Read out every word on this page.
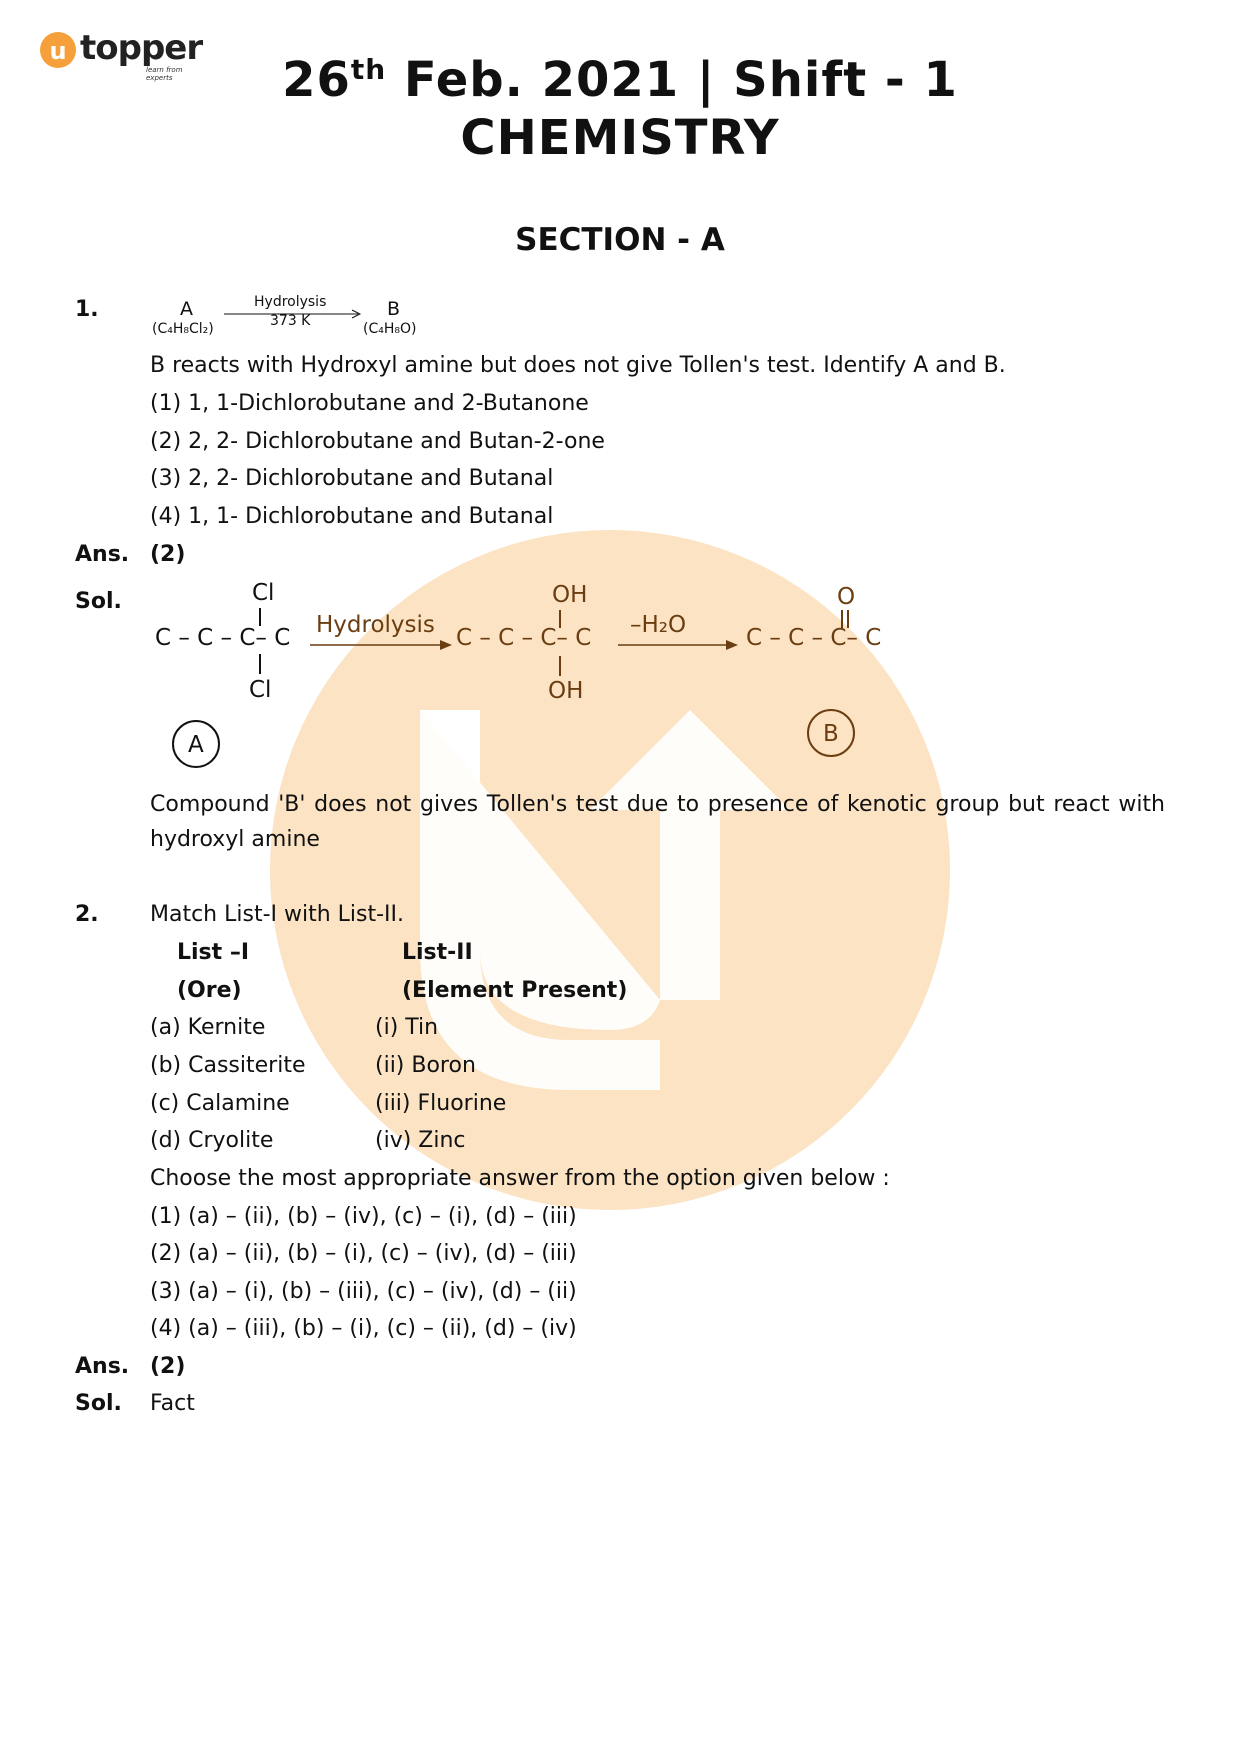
u topper
learn from experts	26th Feb. 2021 | Shift - 1
CHEMISTRY
SECTION - A
1.	A
(C₄H₈Cl₂)
Hydrolysis
373 K
B
(C₄H₈O)
B reacts with Hydroxyl amine but does not give Tollen's test. Identify A and B.
(1) 1, 1-Dichlorobutane and 2-Butanone
(2) 2, 2- Dichlorobutane and Butan-2-one
(3) 2, 2- Dichlorobutane and Butanal
(4) 1, 1- Dichlorobutane and Butanal
Ans. (2)
Sol.
C – C – C– C
Cl
Cl
Hydrolysis C – C – C– C
OH
OH
–H₂O	C – C – C– C
O
A	B
Compound 'B' does not gives Tollen's test due to presence of kenotic group but react with hydroxyl amine
2. Match List-I with List-II.
List –I	List-II
(Ore)	(Element Present)
(a) Kernite	(i) Tin
(b) Cassiterite	(ii) Boron
(c) Calamine	(iii) Fluorine
(d) Cryolite	(iv) Zinc
Choose the most appropriate answer from the option given below :
(1) (a) – (ii), (b) – (iv), (c) – (i), (d) – (iii)
(2) (a) – (ii), (b) – (i), (c) – (iv), (d) – (iii)
(3) (a) – (i), (b) – (iii), (c) – (iv), (d) – (ii)
(4) (a) – (iii), (b) – (i), (c) – (ii), (d) – (iv)
Ans. (2)
Sol. Fact
